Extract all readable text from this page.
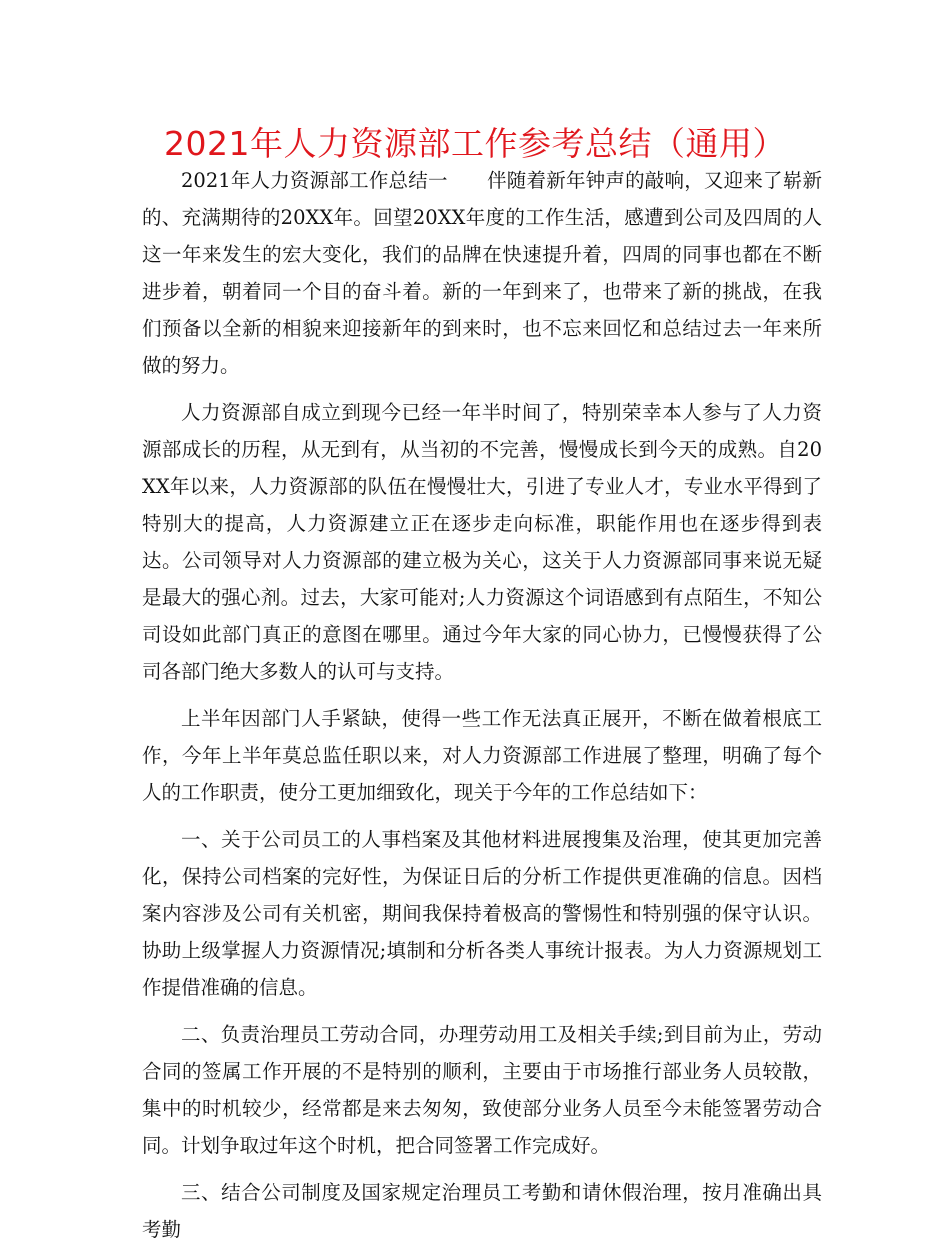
2021年人力资源部工作参考总结（通用）

2021年人力资源部工作总结一　　伴随着新年钟声的敲响，又迎来了崭新的、充满期待的20XX年。回望20XX年度的工作生活，感遭到公司及四周的人这一年来发生的宏大变化，我们的品牌在快速提升着，四周的同事也都在不断进步着，朝着同一个目的奋斗着。新的一年到来了，也带来了新的挑战，在我们预备以全新的相貌来迎接新年的到来时，也不忘来回忆和总结过去一年来所做的努力。

人力资源部自成立到现今已经一年半时间了，特别荣幸本人参与了人力资源部成长的历程，从无到有，从当初的不完善，慢慢成长到今天的成熟。自20XX年以来，人力资源部的队伍在慢慢壮大，引进了专业人才，专业水平得到了特别大的提高，人力资源建立正在逐步走向标准，职能作用也在逐步得到表达。公司领导对人力资源部的建立极为关心，这关于人力资源部同事来说无疑是最大的强心剂。过去，大家可能对;人力资源这个词语感到有点陌生，不知公司设如此部门真正的意图在哪里。通过今年大家的同心协力，已慢慢获得了公司各部门绝大多数人的认可与支持。

上半年因部门人手紧缺，使得一些工作无法真正展开，不断在做着根底工作，今年上半年莫总监任职以来，对人力资源部工作进展了整理，明确了每个人的工作职责，使分工更加细致化，现关于今年的工作总结如下：

一、关于公司员工的人事档案及其他材料进展搜集及治理，使其更加完善化，保持公司档案的完好性，为保证日后的分析工作提供更准确的信息。因档案内容涉及公司有关机密，期间我保持着极高的警惕性和特别强的保守认识。协助上级掌握人力资源情况;填制和分析各类人事统计报表。为人力资源规划工作提借准确的信息。

二、负责治理员工劳动合同，办理劳动用工及相关手续;到目前为止，劳动合同的签属工作开展的不是特别的顺利，主要由于市场推行部业务人员较散，集中的时机较少，经常都是来去匆匆，致使部分业务人员至今未能签署劳动合同。计划争取过年这个时机，把合同签署工作完成好。

三、结合公司制度及国家规定治理员工考勤和请休假治理，按月准确出具考勤
